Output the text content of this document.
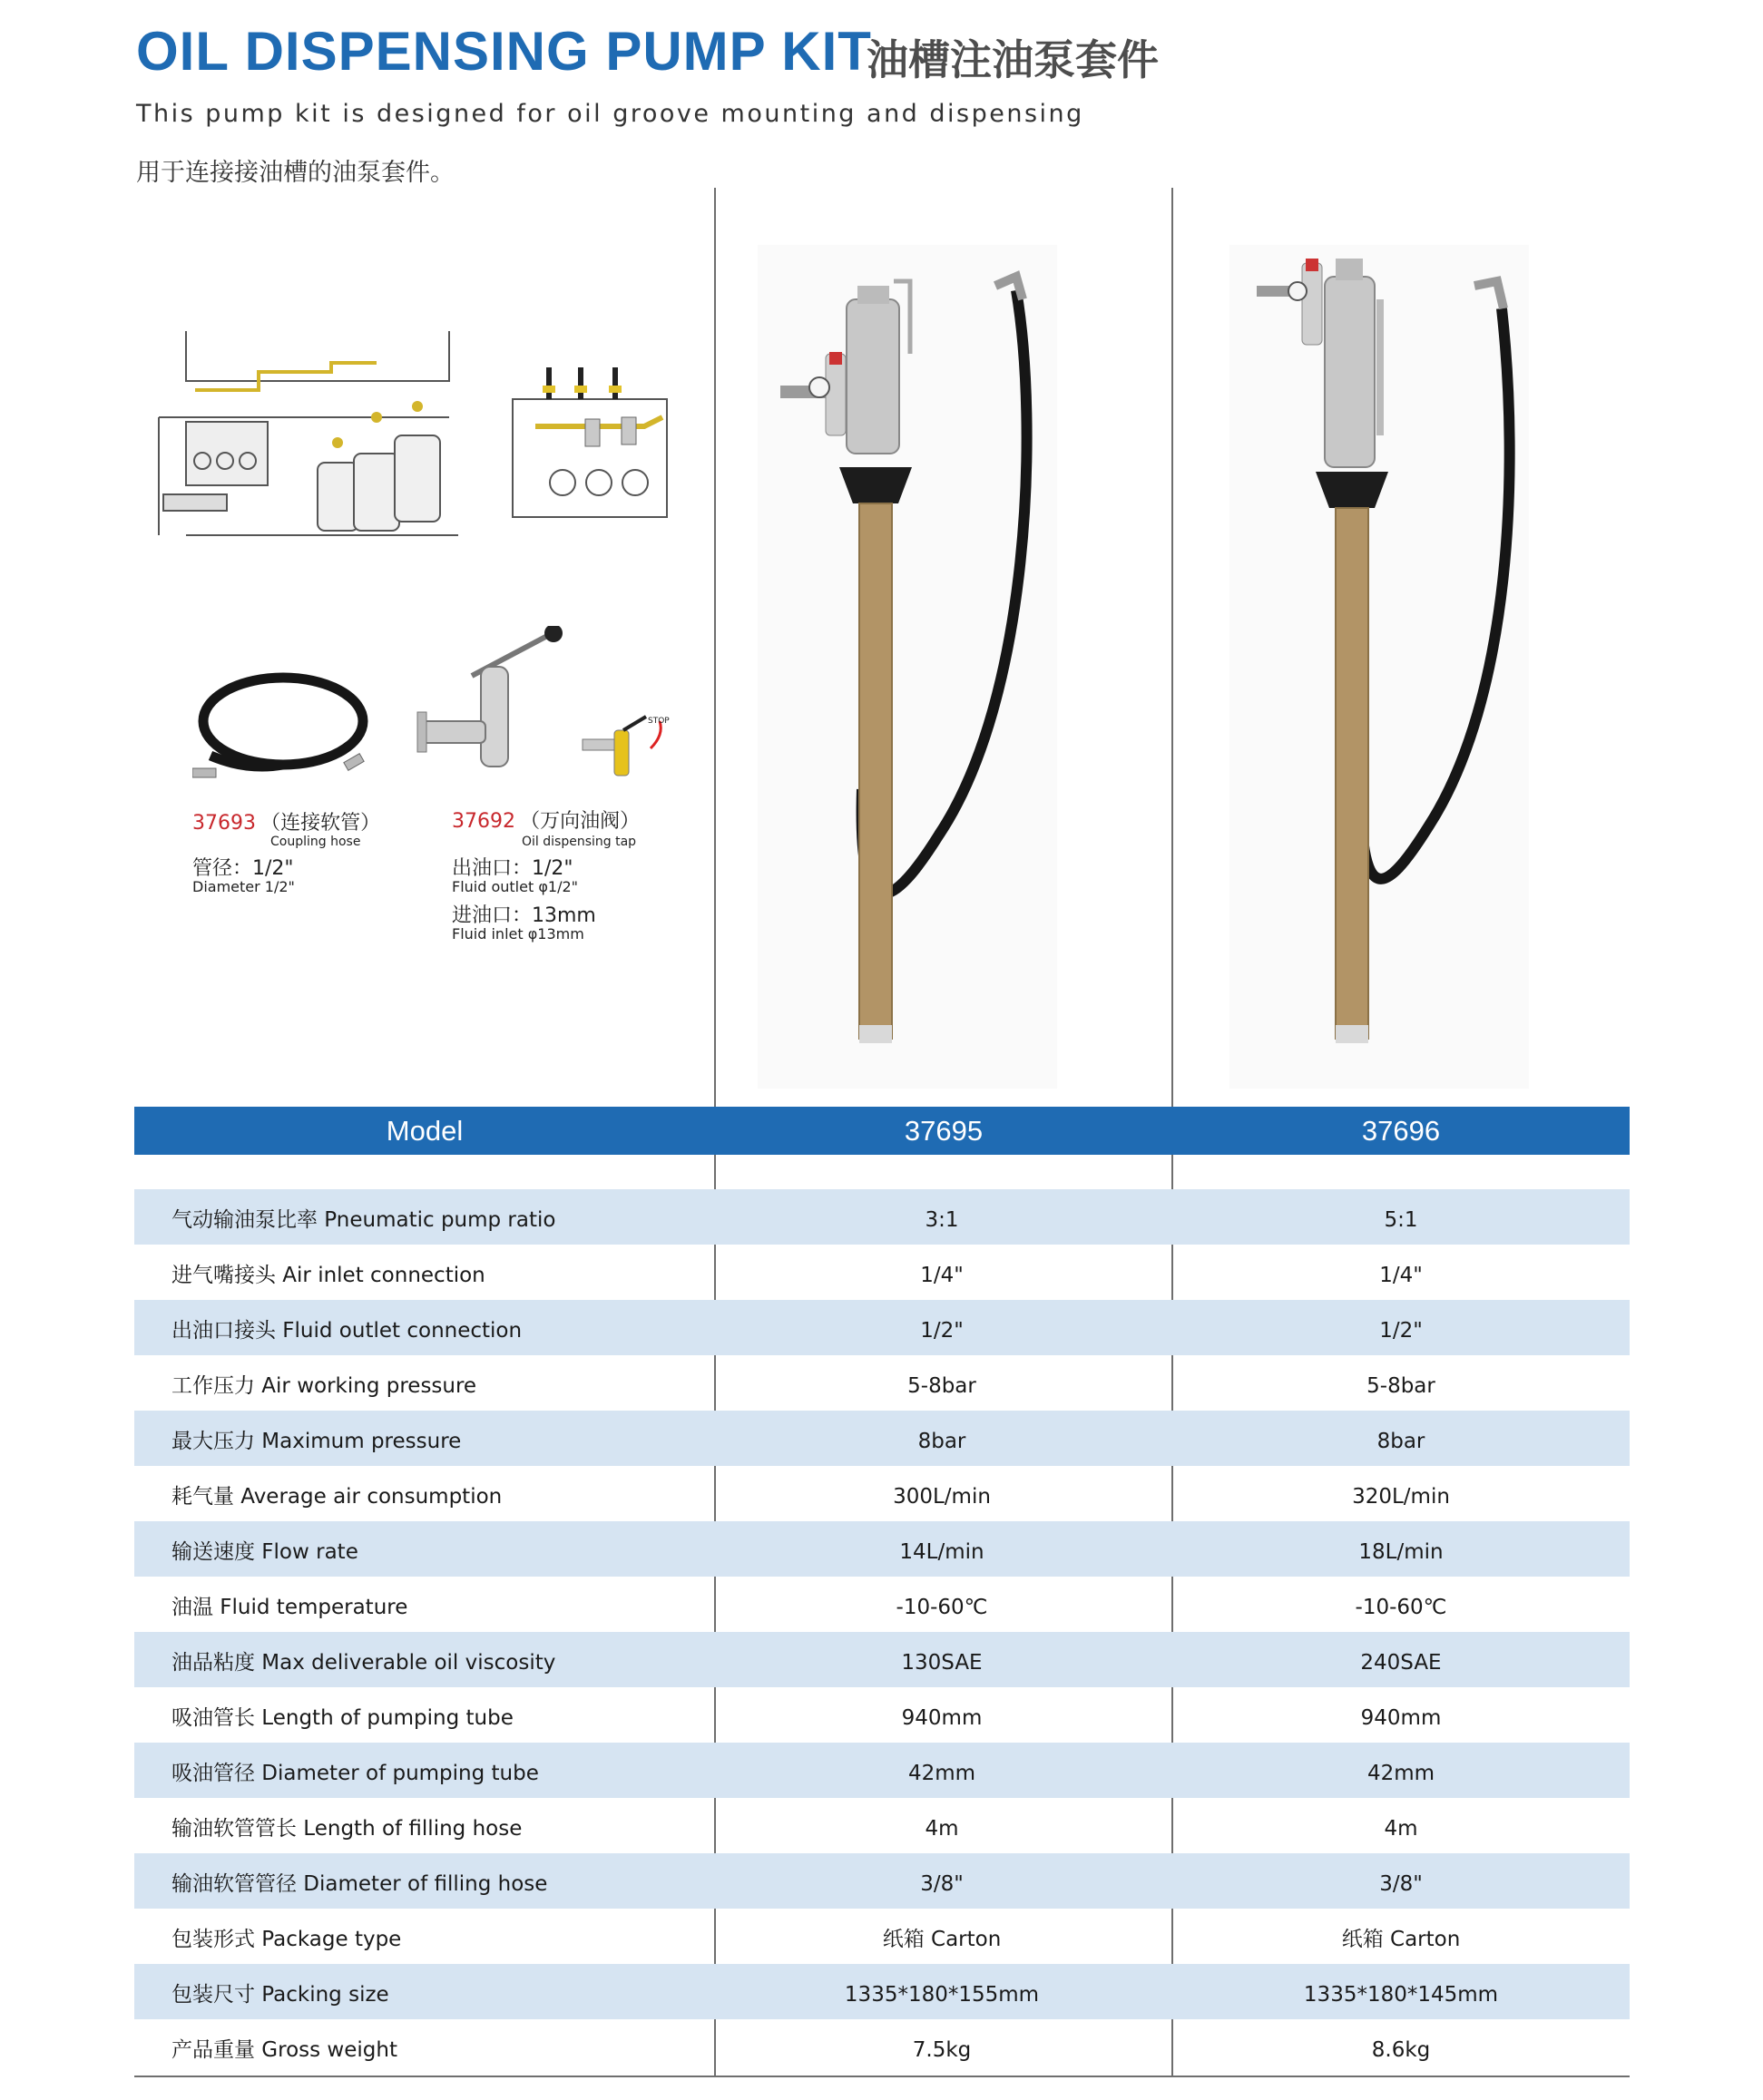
OIL DISPENSING PUMP KIT
油槽注油泵套件
This pump kit is designed for oil groove mounting and dispensing
用于连接接油槽的油泵套件。
STOP
37693 （连接软管）
Coupling hose
管径：1/2"
Diameter 1/2"
37692 （万向油阀）
Oil dispensing tap
出油口：1/2"
Fluid outlet φ1/2"
进油口：13mm
Fluid inlet φ13mm
Model	37695	37696
气动输油泵比率 Pneumatic pump ratio	3:1	5:1
进气嘴接头 Air inlet connection	1/4"	1/4"
出油口接头 Fluid outlet connection	1/2"	1/2"
工作压力 Air working pressure	5-8bar	5-8bar
最大压力 Maximum pressure	8bar	8bar
耗气量 Average air consumption	300L/min	320L/min
输送速度 Flow rate	14L/min	18L/min
油温 Fluid temperature	-10-60℃	-10-60℃
油品粘度 Max deliverable oil viscosity	130SAE	240SAE
吸油管长 Length of pumping tube	940mm	940mm
吸油管径 Diameter of pumping tube	42mm	42mm
输油软管管长 Length of filling hose	4m	4m
输油软管管径 Diameter of filling hose	3/8"	3/8"
包装形式 Package type	纸箱 Carton	纸箱 Carton
包装尺寸 Packing size	1335*180*155mm	1335*180*145mm
产品重量 Gross weight	7.5kg	8.6kg
